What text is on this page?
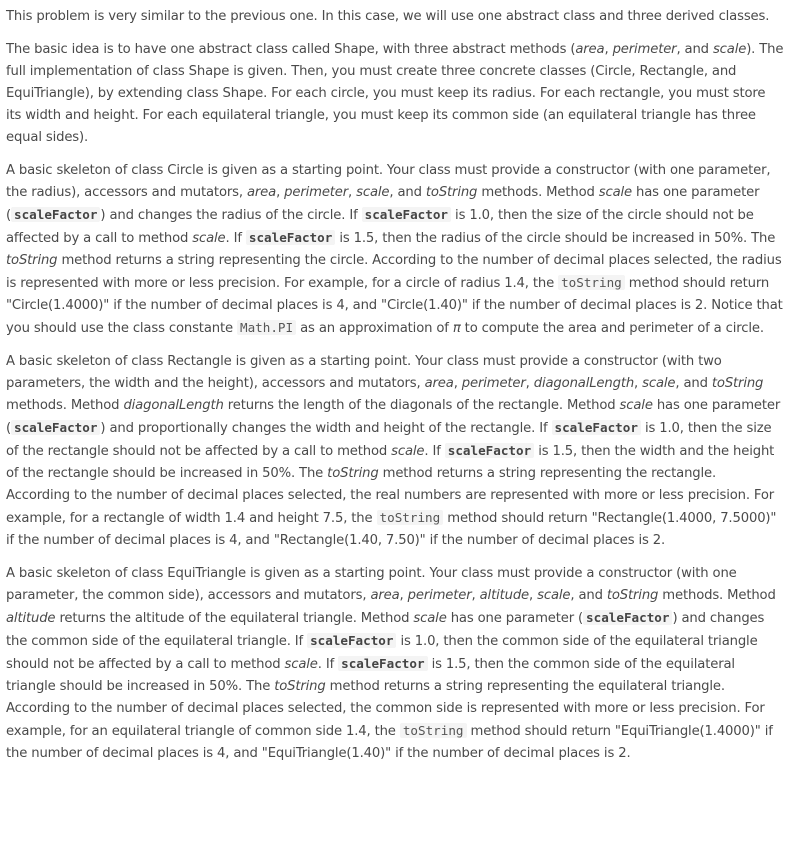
This problem is very similar to the previous one. In this case, we will use one abstract class and three derived classes.

The basic idea is to have one abstract class called Shape, with three abstract methods (area, perimeter, and scale). The full implementation of class Shape is given. Then, you must create three concrete classes (Circle, Rectangle, and EquiTriangle), by extending class Shape. For each circle, you must keep its radius. For each rectangle, you must store its width and height. For each equilateral triangle, you must keep its common side (an equilateral triangle has three equal sides).

A basic skeleton of class Circle is given as a starting point. Your class must provide a constructor (with one parameter, the radius), accessors and mutators, area, perimeter, scale, and toString methods. Method scale has one parameter ( scaleFactor ) and changes the radius of the circle. If scaleFactor is 1.0, then the size of the circle should not be affected by a call to method scale. If scaleFactor is 1.5, then the radius of the circle should be increased in 50%. The toString method returns a string representing the circle. According to the number of decimal places selected, the radius is represented with more or less precision. For example, for a circle of radius 1.4, the toString method should return "Circle(1.4000)" if the number of decimal places is 4, and "Circle(1.40)" if the number of decimal places is 2. Notice that you should use the class constante Math.PI as an approximation of π to compute the area and perimeter of a circle.

A basic skeleton of class Rectangle is given as a starting point. Your class must provide a constructor (with two parameters, the width and the height), accessors and mutators, area, perimeter, diagonalLength, scale, and toString methods. Method diagonalLength returns the length of the diagonals of the rectangle. Method scale has one parameter ( scaleFactor ) and proportionally changes the width and height of the rectangle. If scaleFactor is 1.0, then the size of the rectangle should not be affected by a call to method scale. If scaleFactor is 1.5, then the width and the height of the rectangle should be increased in 50%. The toString method returns a string representing the rectangle. According to the number of decimal places selected, the real numbers are represented with more or less precision. For example, for a rectangle of width 1.4 and height 7.5, the toString method should return "Rectangle(1.4000, 7.5000)" if the number of decimal places is 4, and "Rectangle(1.40, 7.50)" if the number of decimal places is 2.

A basic skeleton of class EquiTriangle is given as a starting point. Your class must provide a constructor (with one parameter, the common side), accessors and mutators, area, perimeter, altitude, scale, and toString methods. Method altitude returns the altitude of the equilateral triangle. Method scale has one parameter ( scaleFactor ) and changes the common side of the equilateral triangle. If scaleFactor is 1.0, then the common side of the equilateral triangle should not be affected by a call to method scale. If scaleFactor is 1.5, then the common side of the equilateral triangle should be increased in 50%. The toString method returns a string representing the equilateral triangle. According to the number of decimal places selected, the common side is represented with more or less precision. For example, for an equilateral triangle of common side 1.4, the toString method should return "EquiTriangle(1.4000)" if the number of decimal places is 4, and "EquiTriangle(1.40)" if the number of decimal places is 2.
